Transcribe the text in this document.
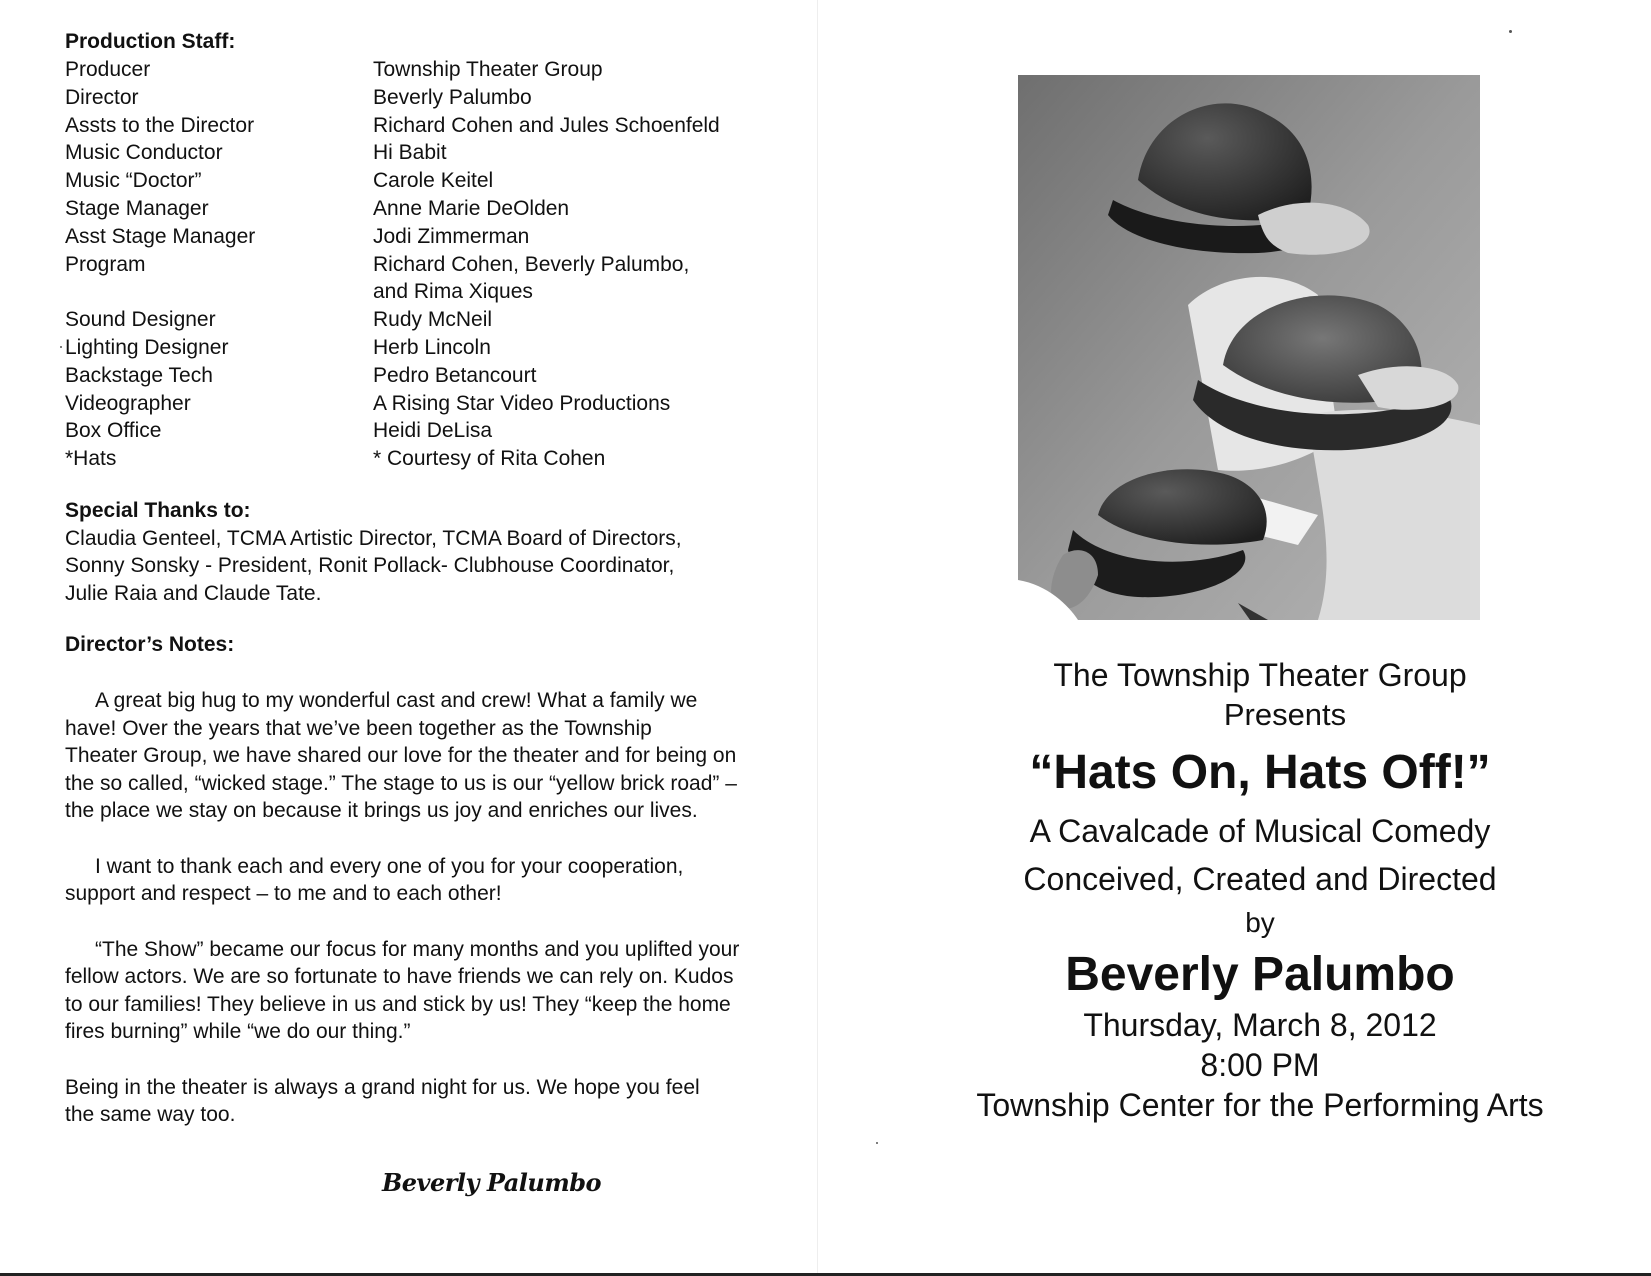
Production Staff:

Producer	Township Theater Group
Director	Beverly Palumbo
Assts to the Director	Richard Cohen and Jules Schoenfeld
Music Conductor	Hi Babit
Music “Doctor”	Carole Keitel
Stage Manager	Anne Marie DeOlden
Asst Stage Manager	Jodi Zimmerman
Program	Richard Cohen, Beverly Palumbo,
and Rima Xiques
Sound Designer	Rudy McNeil
Lighting Designer	Herb Lincoln
Backstage Tech	Pedro Betancourt
Videographer	A Rising Star Video Productions
Box Office	Heidi DeLisa
*Hats	* Courtesy of Rita Cohen

Special Thanks to:

Claudia Genteel, TCMA Artistic Director, TCMA Board of Directors,
Sonny Sonsky - President, Ronit Pollack- Clubhouse Coordinator,
Julie Raia and Claude Tate.

Director’s Notes:

A great big hug to my wonderful cast and crew! What a family we
have! Over the years that we’ve been together as the Township
Theater Group, we have shared our love for the theater and for being on
the so called, “wicked stage.” The stage to us is our “yellow brick road” –
the place we stay on because it brings us joy and enriches our lives.

I want to thank each and every one of you for your cooperation,
support and respect – to me and to each other!

“The Show” became our focus for many months and you uplifted your
fellow actors. We are so fortunate to have friends we can rely on. Kudos
to our families! They believe in us and stick by us! They “keep the home
fires burning” while “we do our thing.”

Being in the theater is always a grand night for us. We hope you feel
the same way too.

Beverly Palumbo

The Township Theater Group

Presents

“Hats On, Hats Off!”

A Cavalcade of Musical Comedy

Conceived, Created and Directed

by

Beverly Palumbo

Thursday, March 8, 2012

8:00 PM

Township Center for the Performing Arts
